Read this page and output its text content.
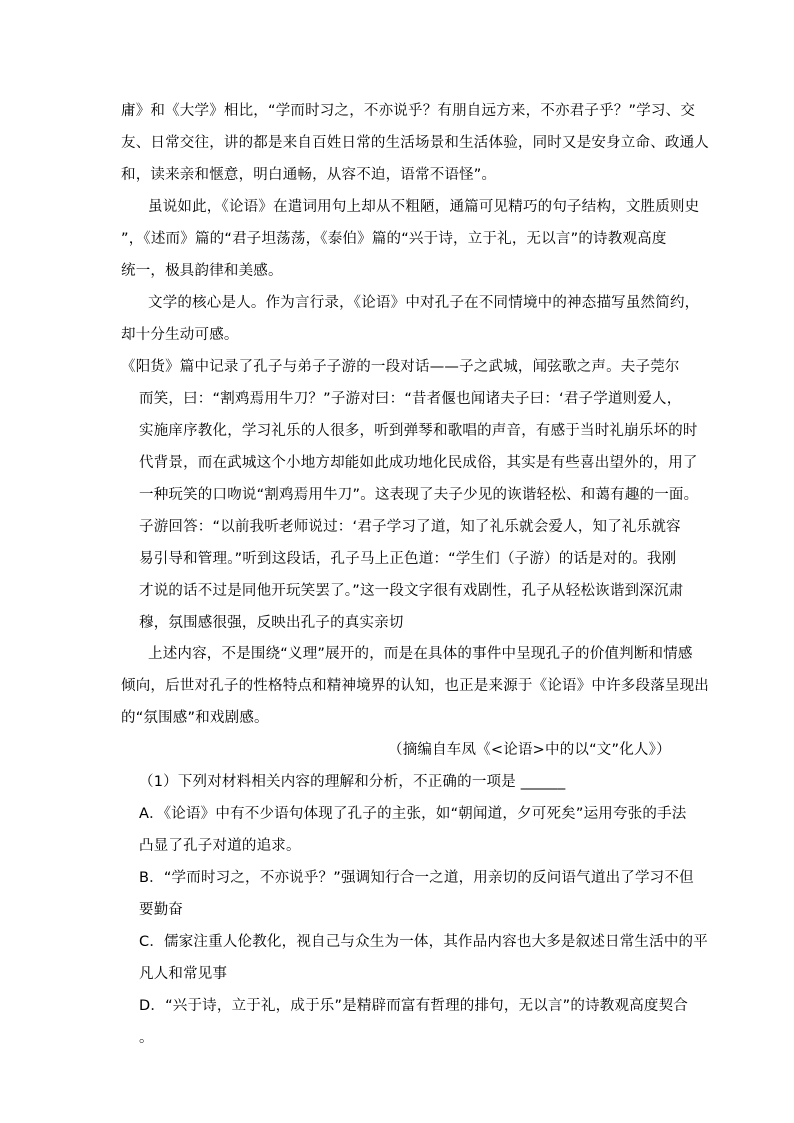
庸》和《大学》相比，“学而时习之，不亦说乎？有朋自远方来，不亦君子乎？”学习、交
友、日常交往，讲的都是来自百姓日常的生活场景和生活体验，同时又是安身立命、政通人
和，读来亲和惬意，明白通畅，从容不迫，语常不语怪”。
虽说如此，《论语》在遣词用句上却从不粗陋，通篇可见精巧的句子结构，文胜质则史
”，《述而》篇的“君子坦荡荡，《泰伯》篇的“兴于诗，立于礼，无以言”的诗教观高度
统一，极具韵律和美感。
文学的核心是人。作为言行录，《论语》中对孔子在不同情境中的神态描写虽然简约，
却十分生动可感。
《阳货》篇中记录了孔子与弟子子游的一段对话——子之武城，闻弦歌之声。夫子莞尔
而笑，曰：“割鸡焉用牛刀？”子游对曰：“昔者偃也闻诸夫子曰：‘君子学道则爱人，
实施庠序教化，学习礼乐的人很多，听到弹琴和歌唱的声音，有感于当时礼崩乐坏的时
代背景，而在武城这个小地方却能如此成功地化民成俗，其实是有些喜出望外的，用了
一种玩笑的口吻说“割鸡焉用牛刀”。这表现了夫子少见的诙谐轻松、和蔼有趣的一面。
子游回答：“以前我听老师说过：‘君子学习了道，知了礼乐就会爱人，知了礼乐就容
易引导和管理。”听到这段话，孔子马上正色道：“学生们（子游）的话是对的。我刚
才说的话不过是同他开玩笑罢了。”这一段文字很有戏剧性，孔子从轻松诙谐到深沉肃
穆，氛围感很强，反映出孔子的真实亲切
上述内容，不是围绕“义理”展开的，而是在具体的事件中呈现孔子的价值判断和情感
倾向，后世对孔子的性格特点和精神境界的认知，也正是来源于《论语》中许多段落呈现出
的“氛围感”和戏剧感。
（摘编自车凤《<论语>中的以“文”化人》）
（1）下列对材料相关内容的理解和分析，不正确的一项是 ______
A．《论语》中有不少语句体现了孔子的主张，如“朝闻道，夕可死矣”运用夸张的手法
凸显了孔子对道的追求。
B．“学而时习之，不亦说乎？”强调知行合一之道，用亲切的反问语气道出了学习不但
要勤奋
C．儒家注重人伦教化，视自己与众生为一体，其作品内容也大多是叙述日常生活中的平
凡人和常见事
D．“兴于诗，立于礼，成于乐”是精辟而富有哲理的排句，无以言”的诗教观高度契合
。
